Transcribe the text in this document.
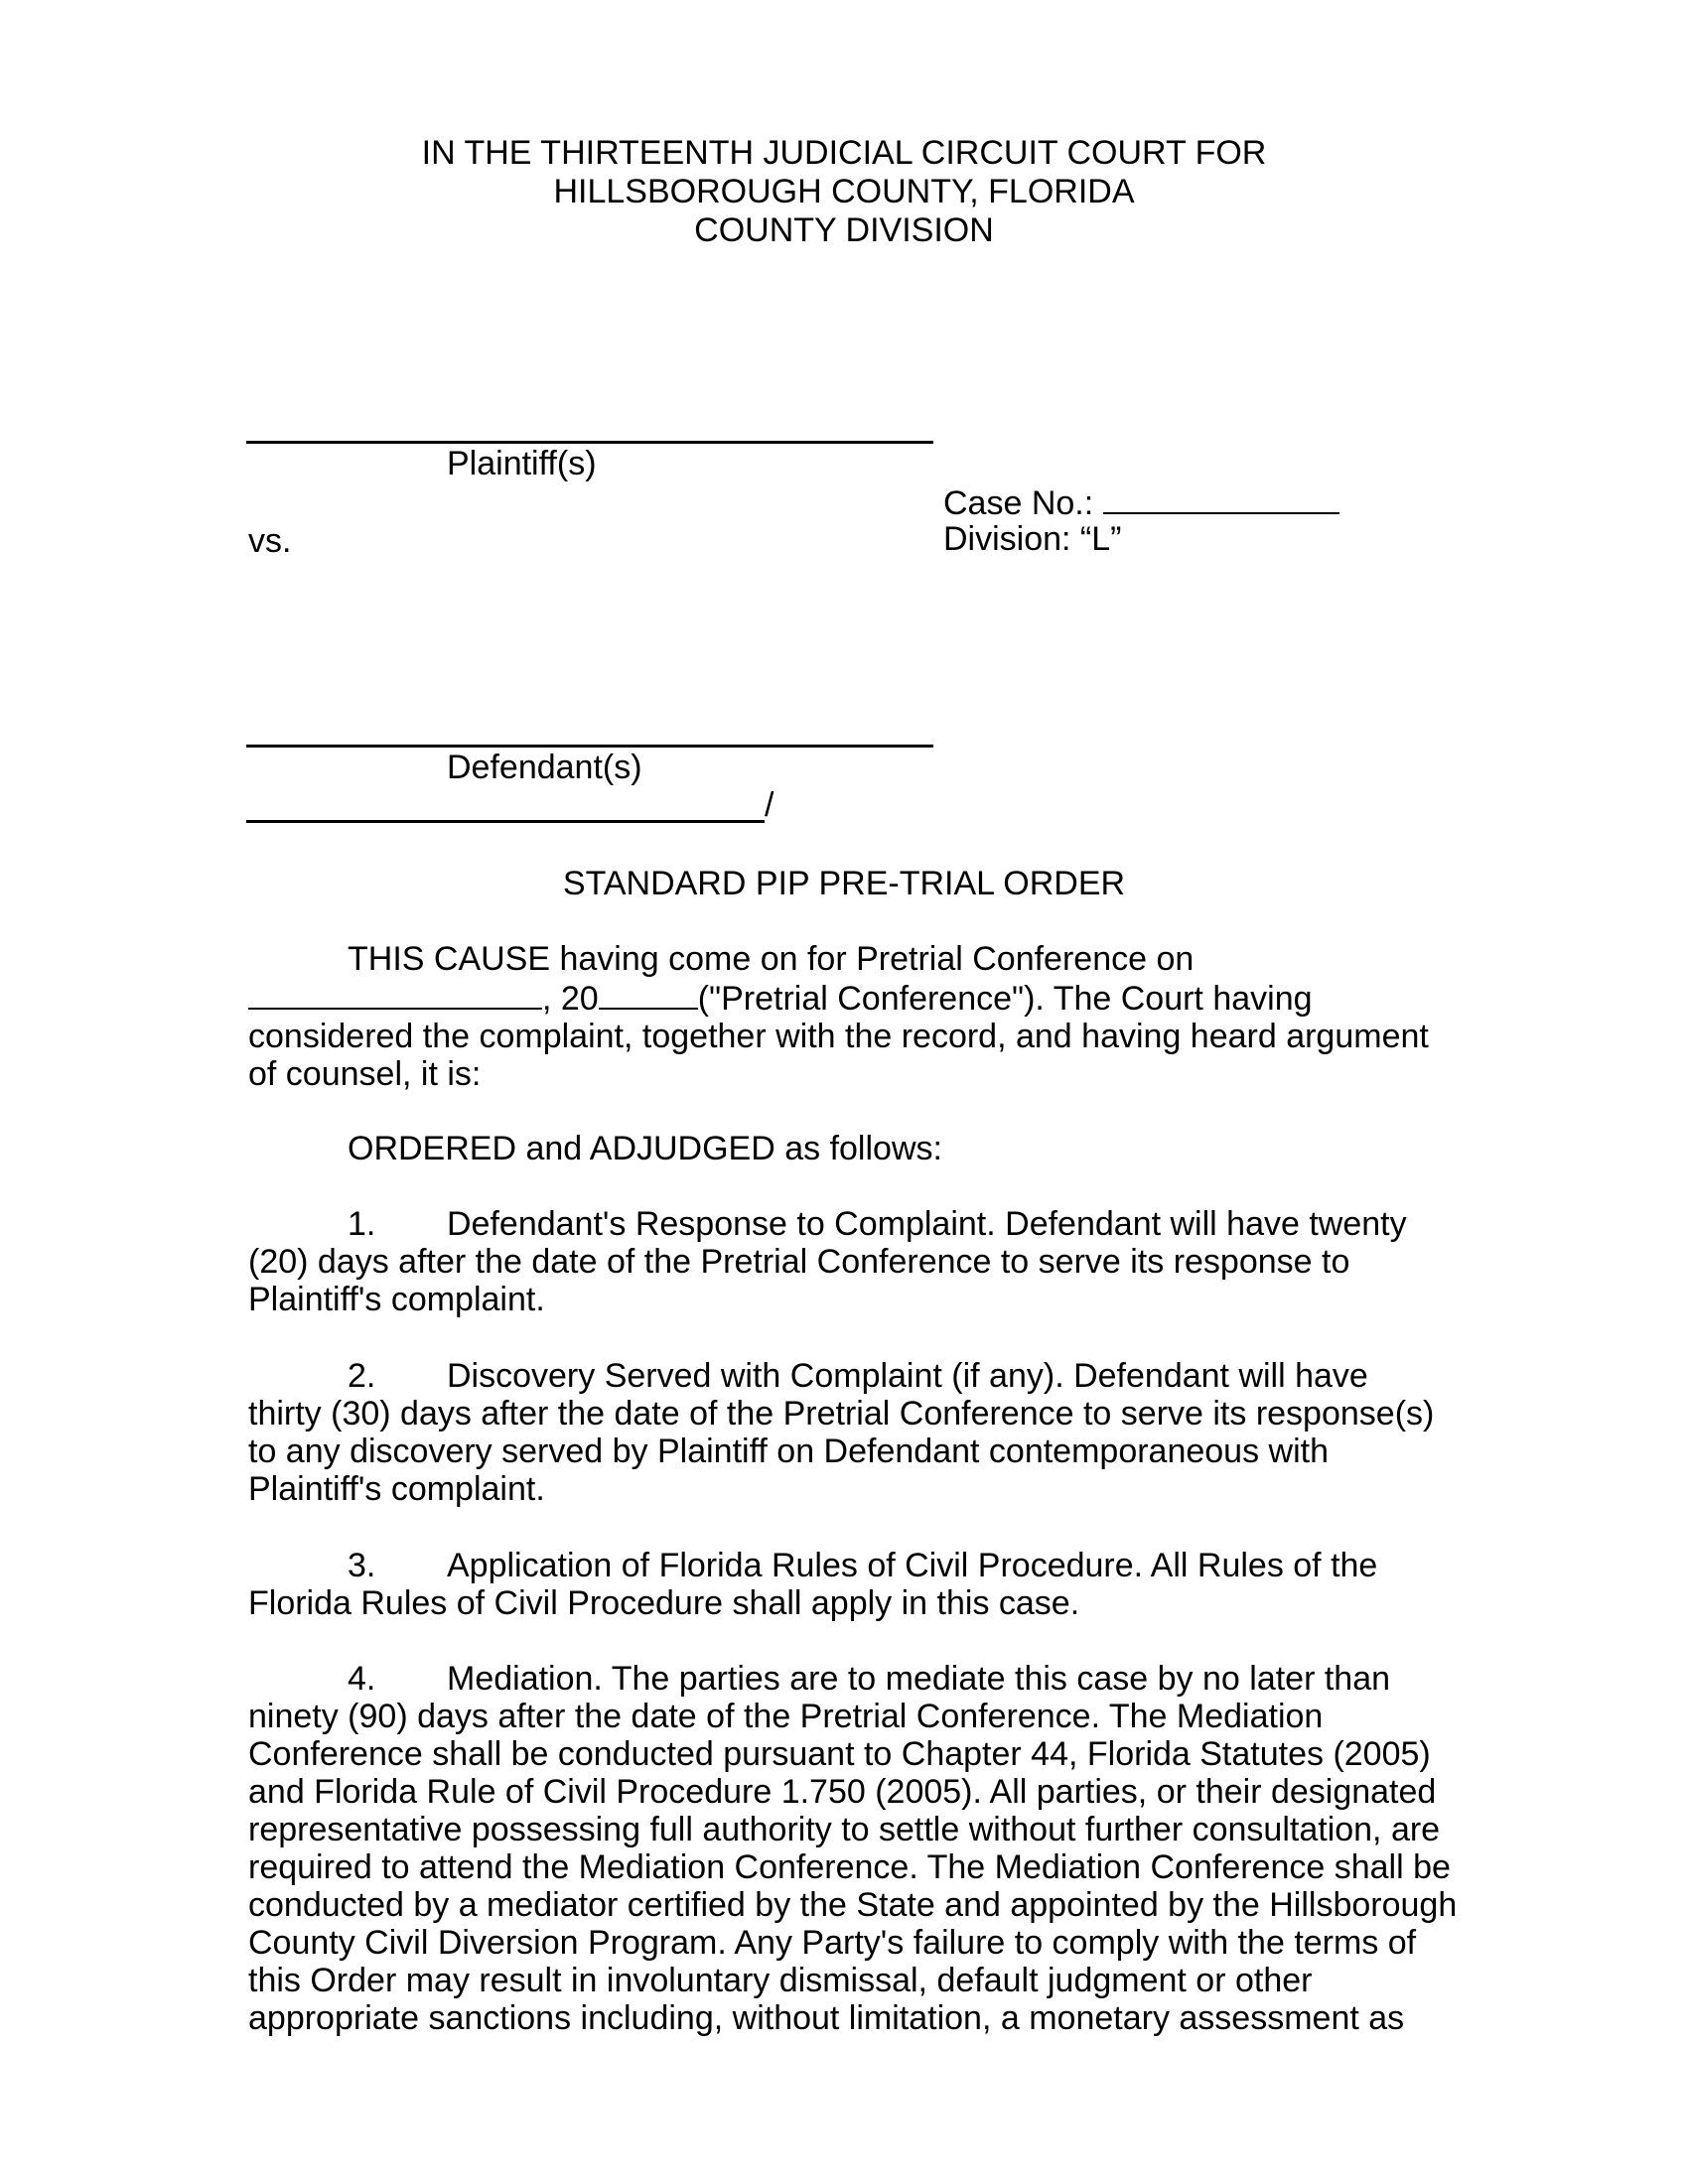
IN THE THIRTEENTH JUDICIAL CIRCUIT COURT FOR
HILLSBOROUGH COUNTY, FLORIDA
COUNTY DIVISION
Plaintiff(s)
Case No.:
Division: “L”
vs.
Defendant(s)
/
STANDARD PIP PRE-TRIAL ORDER
THIS CAUSE having come on for Pretrial Conference on
, 20	("Pretrial Conference"). The Court having
considered the complaint, together with the record, and having heard argument
of counsel, it is:
ORDERED and ADJUDGED as follows:
1. Defendant's Response to Complaint. Defendant will have twenty
(20) days after the date of the Pretrial Conference to serve its response to
Plaintiff's complaint.
2. Discovery Served with Complaint (if any). Defendant will have
thirty (30) days after the date of the Pretrial Conference to serve its response(s)
to any discovery served by Plaintiff on Defendant contemporaneous with
Plaintiff's complaint.
3. Application of Florida Rules of Civil Procedure. All Rules of the
Florida Rules of Civil Procedure shall apply in this case.
4. Mediation. The parties are to mediate this case by no later than
ninety (90) days after the date of the Pretrial Conference. The Mediation
Conference shall be conducted pursuant to Chapter 44, Florida Statutes (2005)
and Florida Rule of Civil Procedure 1.750 (2005). All parties, or their designated
representative possessing full authority to settle without further consultation, are
required to attend the Mediation Conference. The Mediation Conference shall be
conducted by a mediator certified by the State and appointed by the Hillsborough
County Civil Diversion Program. Any Party's failure to comply with the terms of
this Order may result in involuntary dismissal, default judgment or other
appropriate sanctions including, without limitation, a monetary assessment as
